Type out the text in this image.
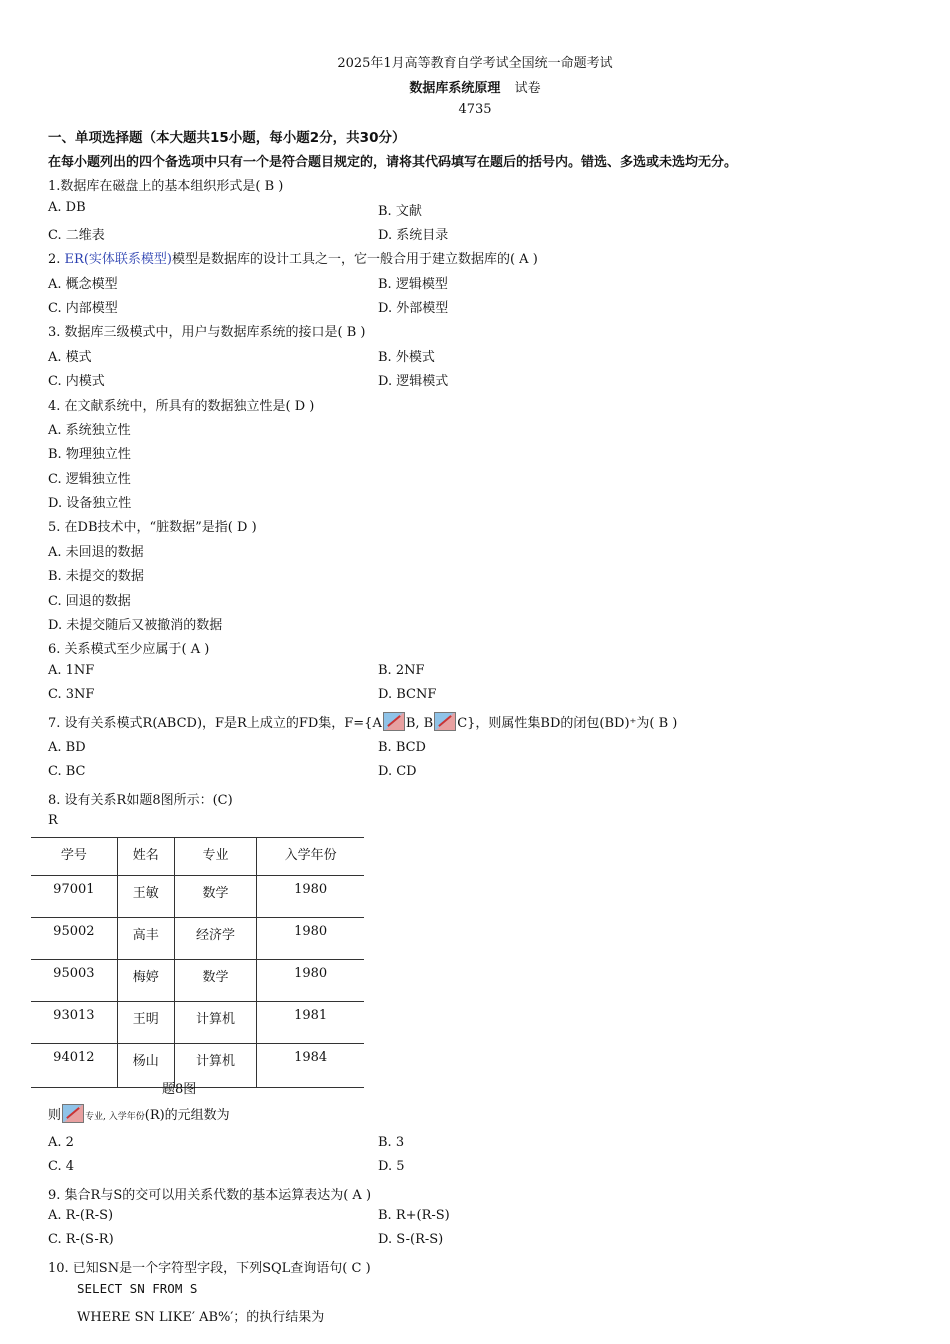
2025年1月高等教育自学考试全国统一命题考试
数据库系统原理 试卷
4735
一、单项选择题（本大题共15小题，每小题2分，共30分）
在每小题列出的四个备选项中只有一个是符合题目规定的，请将其代码填写在题后的括号内。错选、多选或未选均无分。
1.数据库在磁盘上的基本组织形式是( B )
A. DB	B. 文献
C. 二维表	D. 系统目录
2. ER(实体联系模型)模型是数据库的设计工具之一，它一般合用于建立数据库的( A )
A. 概念模型	B. 逻辑模型
C. 内部模型	D. 外部模型
3. 数据库三级模式中，用户与数据库系统的接口是( B )
A. 模式	B. 外模式
C. 内模式	D. 逻辑模式
4. 在文献系统中，所具有的数据独立性是( D )
A. 系统独立性
B. 物理独立性
C. 逻辑独立性
D. 设备独立性
5. 在DB技术中，“脏数据”是指( D )
A. 未回退的数据
B. 未提交的数据
C. 回退的数据
D. 未提交随后又被撤消的数据
6. 关系模式至少应属于( A )
A. 1NF	B. 2NF
C. 3NF	D. BCNF
7. 设有关系模式R(ABCD)，F是R上成立的FD集，F={A B, B C}，则属性集BD的闭包(BD)⁺为( B )
A. BD	B. BCD
C. BC	D. CD
8. 设有关系R如题8图所示：(C)
R
学号	姓名	专业	入学年份
97001	王敏	数学	1980
95002	高丰	经济学	1980
95003	梅婷	数学	1980
93013	王明	计算机	1981
94012	杨山	计算机	1984
题8图
则	专业, 入学年份(R)的元组数为
A. 2	B. 3
C. 4	D. 5
9. 集合R与S的交可以用关系代数的基本运算表达为( A )
A. R-(R-S)	B. R+(R-S)
C. R-(S-R)	D. S-(R-S)
10. 已知SN是一个字符型字段，下列SQL查询语句( C )
SELECT SN FROM S
WHERE SN LIKE′ AB%′；的执行结果为
